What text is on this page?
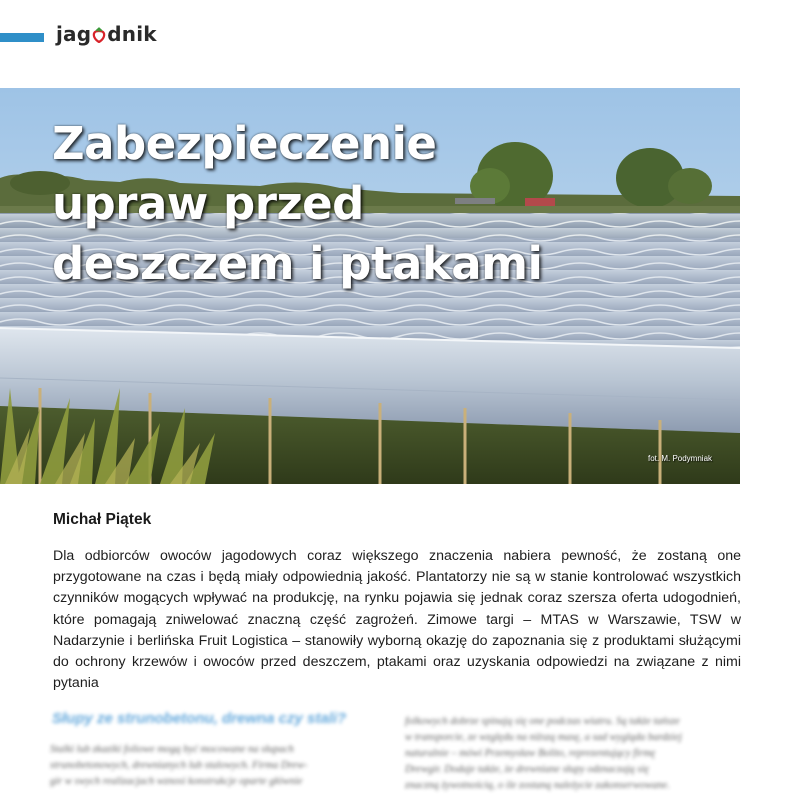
jag dnik
Zabezpieczenie
upraw przed
deszczem i ptakami
fot. M. Podymniak
Michał Piątek

Dla odbiorców owoców jagodowych coraz większego znaczenia nabiera pewność, że zostaną one przygotowane na czas i będą miały odpowiednią jakość. Plantatorzy nie są w stanie kontrolować wszystkich czynników mogących wpływać na produkcję, na rynku pojawia się jednak coraz szersza oferta udogodnień, które pomagają zniwelować znaczną część zagrożeń. Zimowe targi – MTAS w Warszawie, TSW w Nadarzynie i berlińska Fruit Logistica – stanowiły wyborną okazję do zapoznania się z produktami służącymi do ochrony krzewów i owoców przed deszczem, ptakami oraz uzyskania odpowiedzi na związane z nimi pytania

Słupy ze strunobetonu, drewna czy stali?

Stalki lub zkaziki foliowe mogą być mocowane na słupach

strunobetonowych, drewnianych lub stalowych. Firma Drew-

gir w swych realizacjach wznosi konstrukcje oparte głównie

folkowych dobrze spinają się one podczas wiatru. Są także tańsze

w transporcie, ze względu na niższą masę, a sad wygląda bardziej

naturalnie – mówi Przemysław Bolito, reprezentujący firmę

Drewgir. Dodaje także, że drewniane słupy odznaczają się

znaczną żywotnością, o ile zostaną należycie zakonserwowane.
